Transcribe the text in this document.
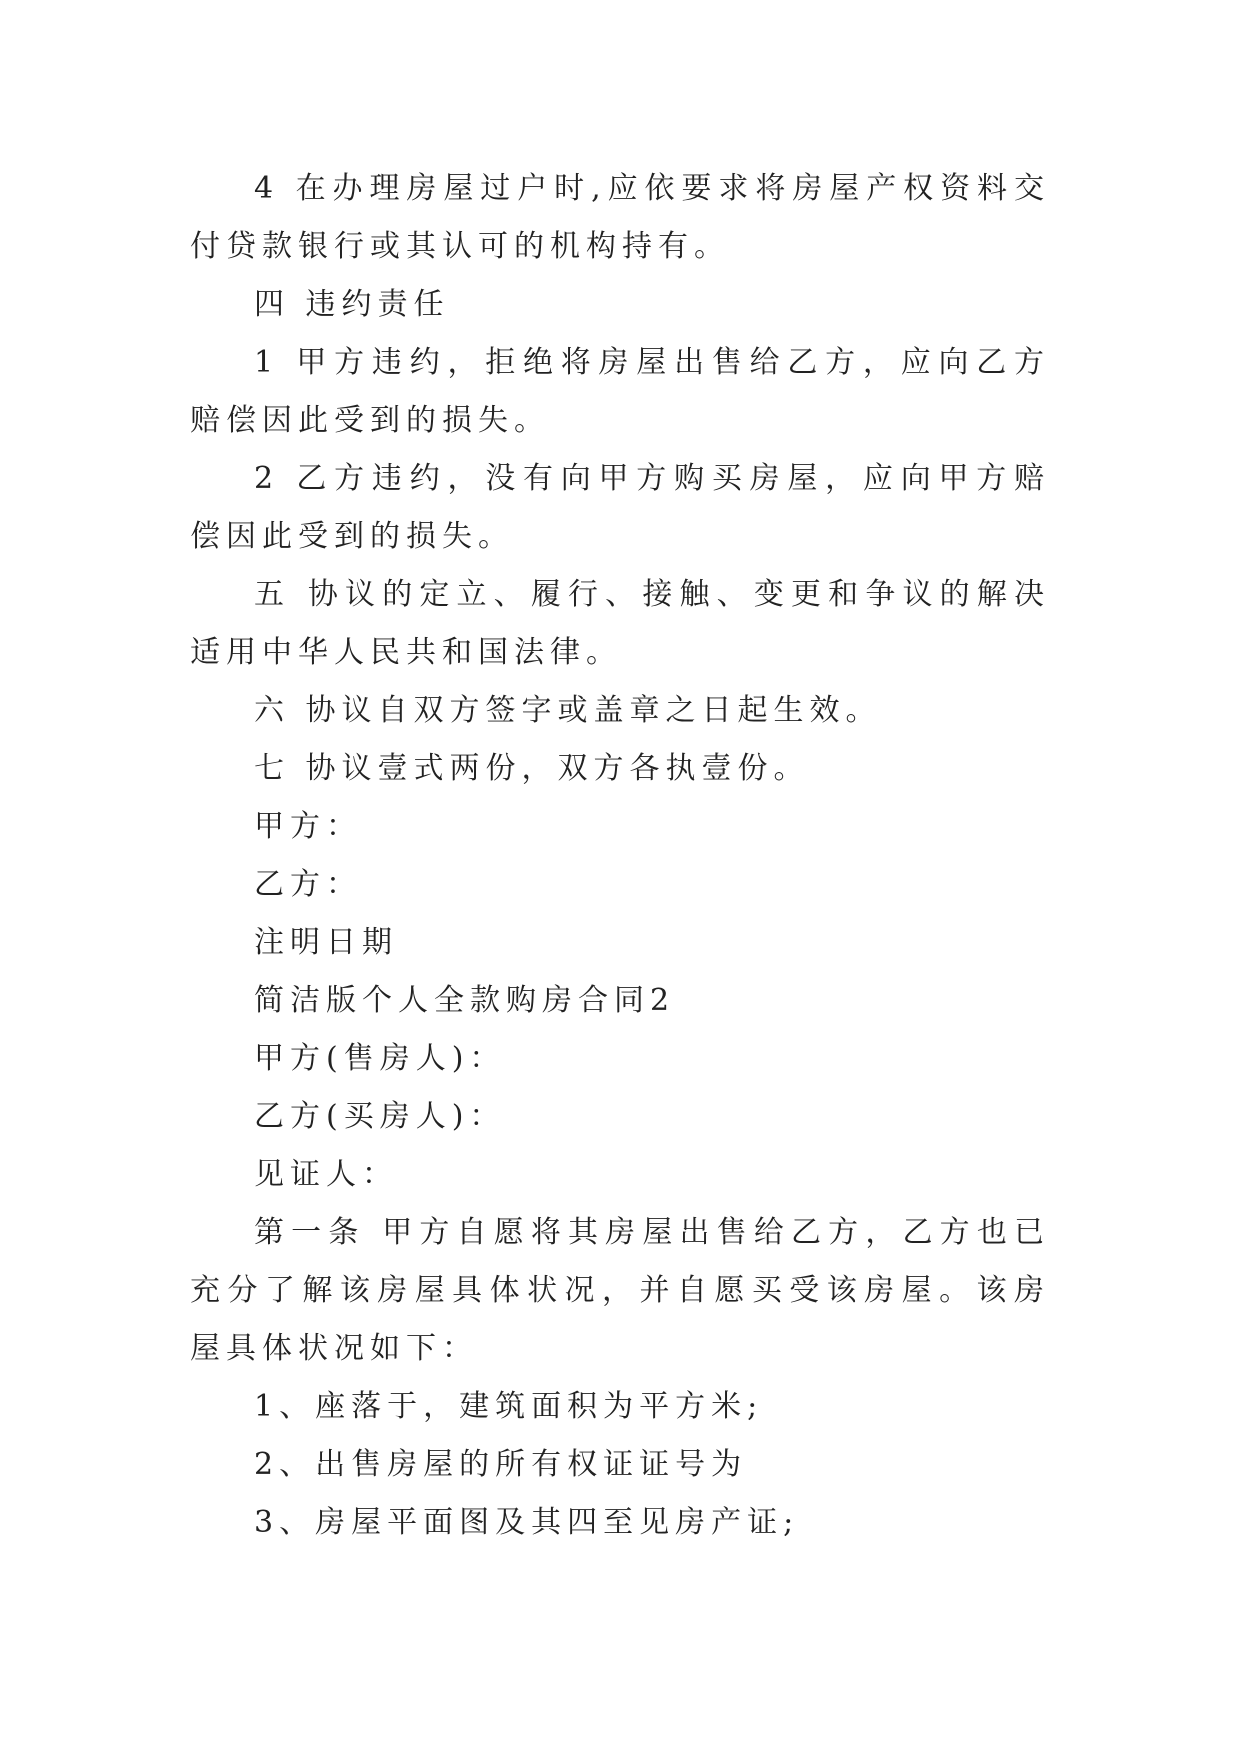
4 在办理房屋过户时,应依要求将房屋产权资料交付贷款银行或其认可的机构持有。

四 违约责任

1 甲方违约，拒绝将房屋出售给乙方，应向乙方赔偿因此受到的损失。

2 乙方违约，没有向甲方购买房屋，应向甲方赔偿因此受到的损失。

五 协议的定立、履行、接触、变更和争议的解决适用中华人民共和国法律。

六 协议自双方签字或盖章之日起生效。

七 协议壹式两份，双方各执壹份。

甲方：

乙方：

注明日期

简洁版个人全款购房合同2

甲方(售房人)：

乙方(买房人)：

见证人：

第一条 甲方自愿将其房屋出售给乙方，乙方也已充分了解该房屋具体状况，并自愿买受该房屋。该房屋具体状况如下：

1、座落于，建筑面积为平方米;

2、出售房屋的所有权证证号为

3、房屋平面图及其四至见房产证;
